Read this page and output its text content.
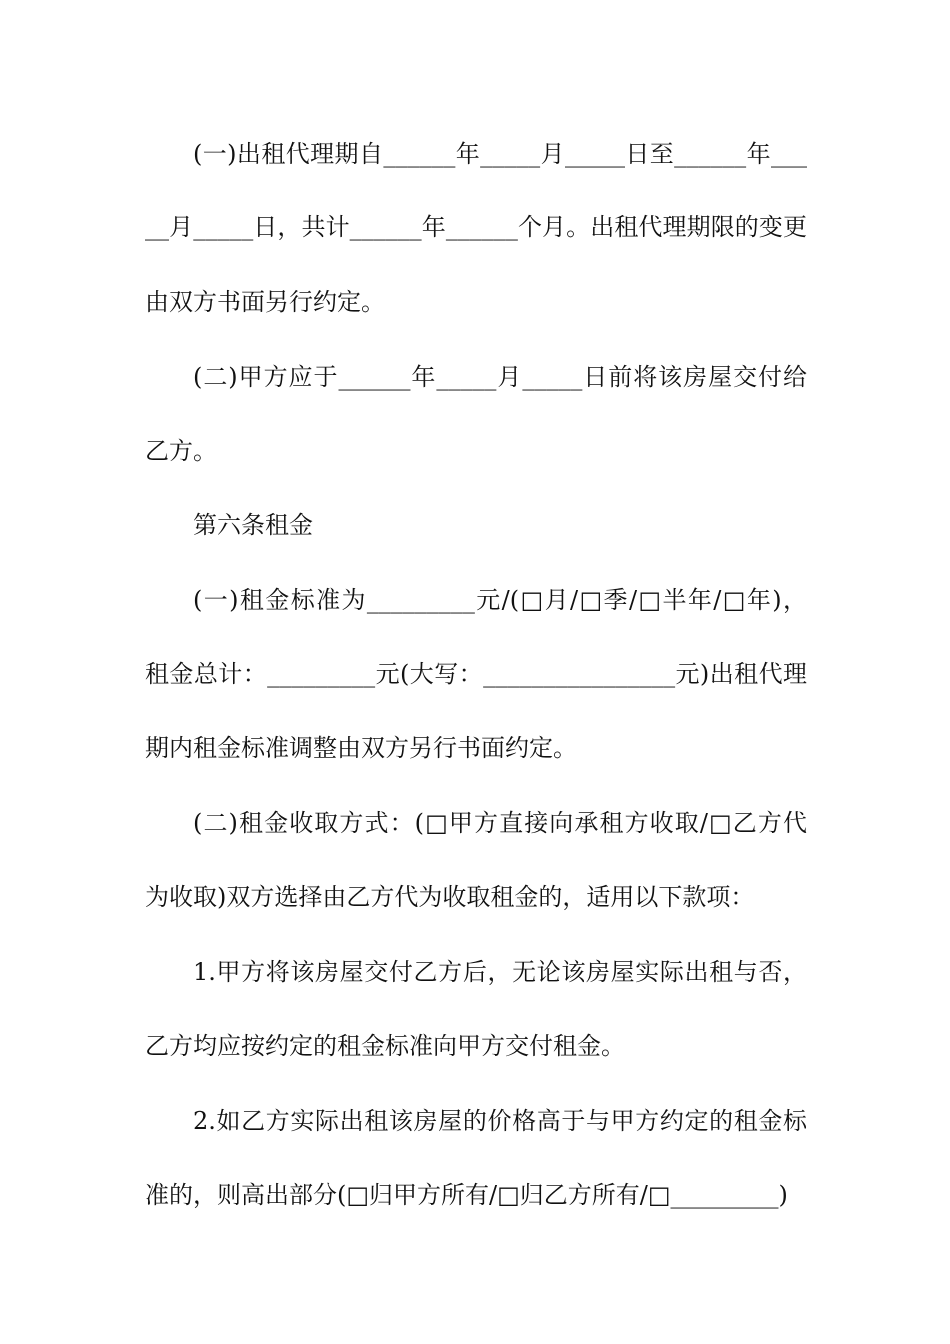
(一)出租代理期自______年_____月_____日至______年___
__月_____日，共计______年______个月。出租代理期限的变更
由双方书面另行约定。
(二)甲方应于______年_____月_____日前将该房屋交付给
乙方。
第六条租金
(一)租金标准为_________元/(□月/□季/□半年/□年)，
租金总计：_________元(大写：________________元)出租代理
期内租金标准调整由双方另行书面约定。
(二)租金收取方式：(□甲方直接向承租方收取/□乙方代
为收取)双方选择由乙方代为收取租金的，适用以下款项：
1.甲方将该房屋交付乙方后，无论该房屋实际出租与否，
乙方均应按约定的租金标准向甲方交付租金。
2.如乙方实际出租该房屋的价格高于与甲方约定的租金标
准的，则高出部分(□归甲方所有/□归乙方所有/□_________)
